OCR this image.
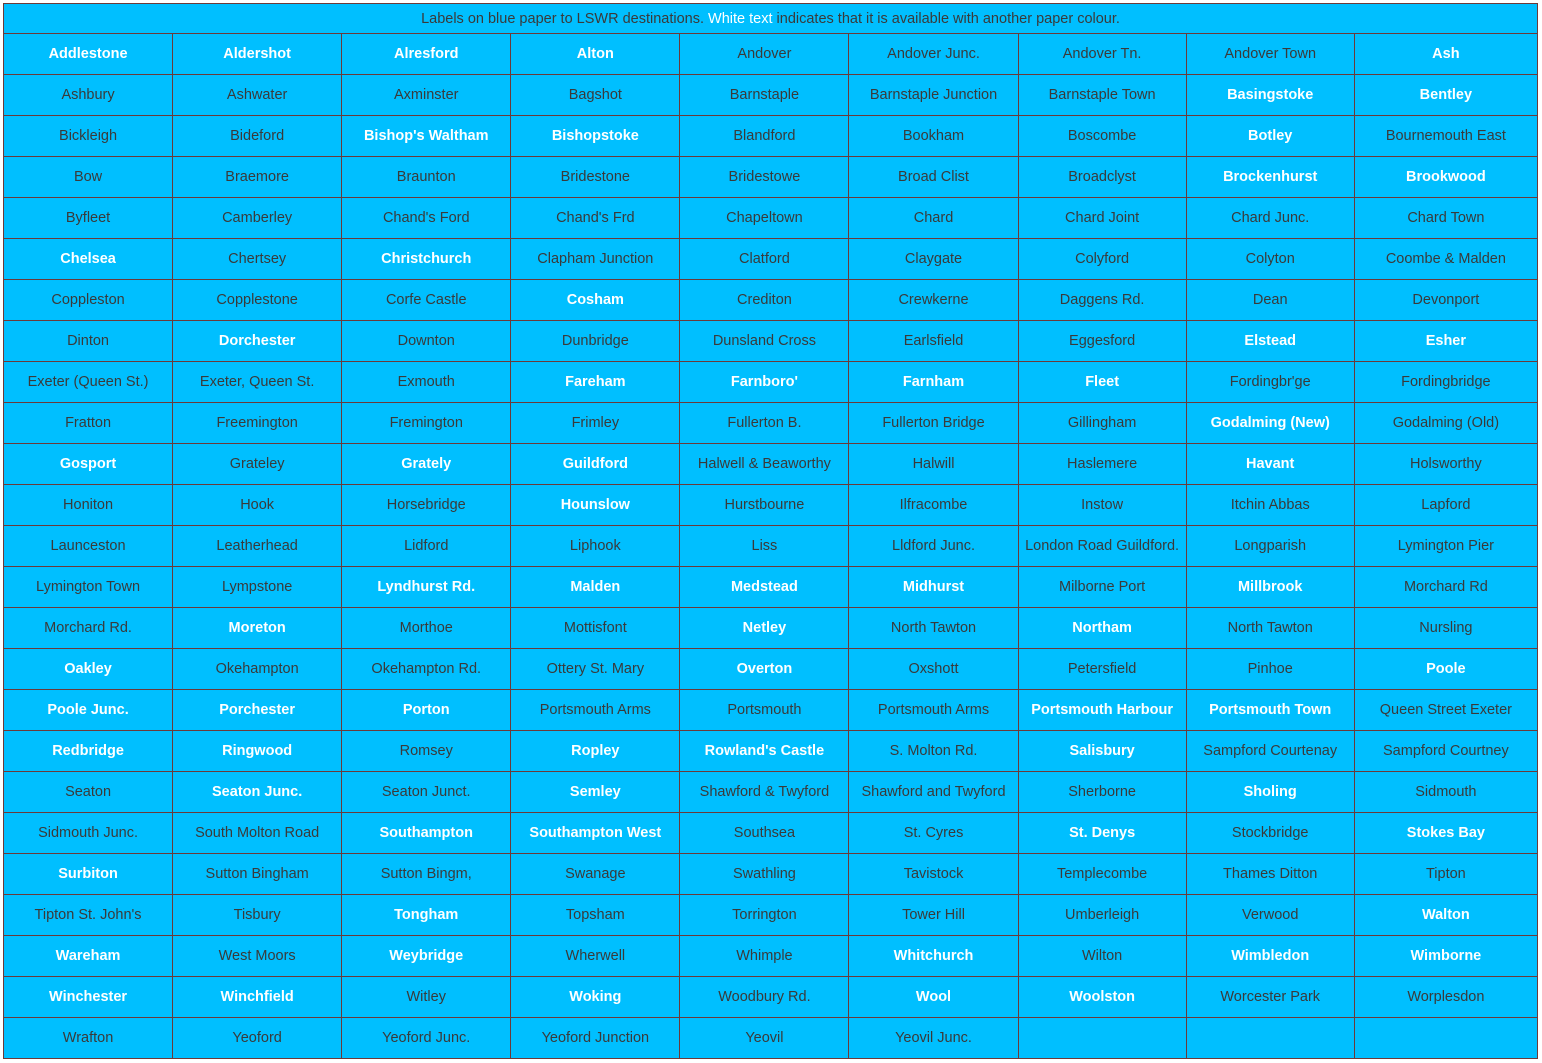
Labels on blue paper to LSWR destinations. White text indicates that it is available with another paper colour.								
Addlestone	Aldershot	Alresford	Alton	Andover	Andover Junc.	Andover Tn.	Andover Town	Ash
Ashbury	Ashwater	Axminster	Bagshot	Barnstaple	Barnstaple Junction	Barnstaple Town	Basingstoke	Bentley
Bickleigh	Bideford	Bishop's Waltham	Bishopstoke	Blandford	Bookham	Boscombe	Botley	Bournemouth East
Bow	Braemore	Braunton	Bridestone	Bridestowe	Broad Clist	Broadclyst	Brockenhurst	Brookwood
Byfleet	Camberley	Chand's Ford	Chand's Frd	Chapeltown	Chard	Chard Joint	Chard Junc.	Chard Town
Chelsea	Chertsey	Christchurch	Clapham Junction	Clatford	Claygate	Colyford	Colyton	Coombe & Malden
Coppleston	Copplestone	Corfe Castle	Cosham	Crediton	Crewkerne	Daggens Rd.	Dean	Devonport
Dinton	Dorchester	Downton	Dunbridge	Dunsland Cross	Earlsfield	Eggesford	Elstead	Esher
Exeter (Queen St.)	Exeter, Queen St.	Exmouth	Fareham	Farnboro'	Farnham	Fleet	Fordingbr'ge	Fordingbridge
Fratton	Freemington	Fremington	Frimley	Fullerton B.	Fullerton Bridge	Gillingham	Godalming (New)	Godalming (Old)
Gosport	Grateley	Grately	Guildford	Halwell & Beaworthy	Halwill	Haslemere	Havant	Holsworthy
Honiton	Hook	Horsebridge	Hounslow	Hurstbourne	Ilfracombe	Instow	Itchin Abbas	Lapford
Launceston	Leatherhead	Lidford	Liphook	Liss	Lldford Junc.	London Road Guildford.	Longparish	Lymington Pier
Lymington Town	Lympstone	Lyndhurst Rd.	Malden	Medstead	Midhurst	Milborne Port	Millbrook	Morchard Rd
Morchard Rd.	Moreton	Morthoe	Mottisfont	Netley	North Tawton	Northam	North Tawton	Nursling
Oakley	Okehampton	Okehampton Rd.	Ottery St. Mary	Overton	Oxshott	Petersfield	Pinhoe	Poole
Poole Junc.	Porchester	Porton	Portsmouth Arms	Portsmouth	Portsmouth Arms	Portsmouth Harbour	Portsmouth Town	Queen Street Exeter
Redbridge	Ringwood	Romsey	Ropley	Rowland's Castle	S. Molton Rd.	Salisbury	Sampford Courtenay	Sampford Courtney
Seaton	Seaton Junc.	Seaton Junct.	Semley	Shawford & Twyford	Shawford and Twyford	Sherborne	Sholing	Sidmouth
Sidmouth Junc.	South Molton Road	Southampton	Southampton West	Southsea	St. Cyres	St. Denys	Stockbridge	Stokes Bay
Surbiton	Sutton Bingham	Sutton Bingm,	Swanage	Swathling	Tavistock	Templecombe	Thames Ditton	Tipton
Tipton St. John's	Tisbury	Tongham	Topsham	Torrington	Tower Hill	Umberleigh	Verwood	Walton
Wareham	West Moors	Weybridge	Wherwell	Whimple	Whitchurch	Wilton	Wimbledon	Wimborne
Winchester	Winchfield	Witley	Woking	Woodbury Rd.	Wool	Woolston	Worcester Park	Worplesdon
Wrafton	Yeoford	Yeoford Junc.	Yeoford Junction	Yeovil	Yeovil Junc.			
